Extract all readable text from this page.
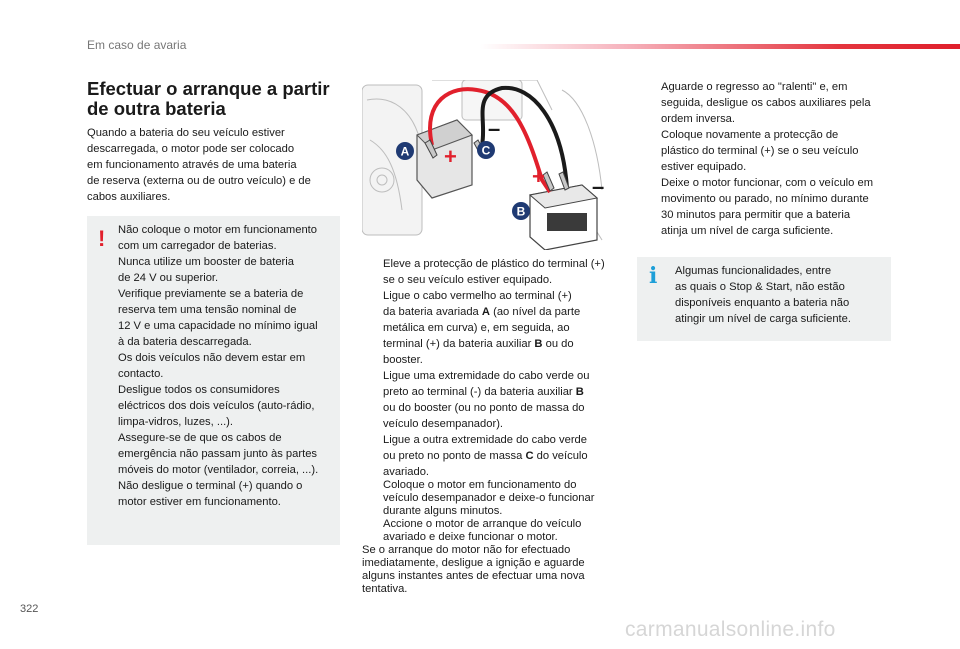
Em caso de avaria
Efectuar o arranque a partir
de outra bateria
Quando a bateria do seu veículo estiver
descarregada, o motor pode ser colocado
em funcionamento através de uma bateria
de reserva (externa ou de outro veículo) e de
cabos auxiliares.
! Não coloque o motor em funcionamento
com um carregador de baterias.
Nunca utilize um booster de bateria
de 24 V ou superior.
Verifique previamente se a bateria de
reserva tem uma tensão nominal de
12 V e uma capacidade no mínimo igual
à da bateria descarregada.
Os dois veículos não devem estar em
contacto.
Desligue todos os consumidores
eléctricos dos dois veículos (auto-rádio,
limpa-vidros, luzes, ...).
Assegure-se de que os cabos de
emergência não passam junto às partes
móveis do motor (ventilador, correia, ...).
Não desligue o terminal (+) quando o
motor estiver em funcionamento.
+
–
+ –
A	C
B
Eleve a protecção de plástico do terminal (+)
se o seu veículo estiver equipado.
Ligue o cabo vermelho ao terminal (+)
da bateria avariada A (ao nível da parte
metálica em curva) e, em seguida, ao
terminal (+) da bateria auxiliar B ou do
booster.
Ligue uma extremidade do cabo verde ou
preto ao terminal (-) da bateria auxiliar B
ou do booster (ou no ponto de massa do
veículo desempanador).
Ligue a outra extremidade do cabo verde
ou preto no ponto de massa C do veículo
avariado.
Coloque o motor em funcionamento do
veículo desempanador e deixe-o funcionar
durante alguns minutos.
Accione o motor de arranque do veículo
avariado e deixe funcionar o motor.
Se o arranque do motor não for efectuado
imediatamente, desligue a ignição e aguarde
alguns instantes antes de efectuar uma nova
tentativa.
Aguarde o regresso ao "ralenti" e, em
seguida, desligue os cabos auxiliares pela
ordem inversa.
Coloque novamente a protecção de
plástico do terminal (+) se o seu veículo
estiver equipado.
Deixe o motor funcionar, com o veículo em
movimento ou parado, no mínimo durante
30 minutos para permitir que a bateria
atinja um nível de carga suficiente.
i Algumas funcionalidades, entre
as quais o Stop & Start, não estão
disponíveis enquanto a bateria não
atingir um nível de carga suficiente.
322
carmanualsonline.info
